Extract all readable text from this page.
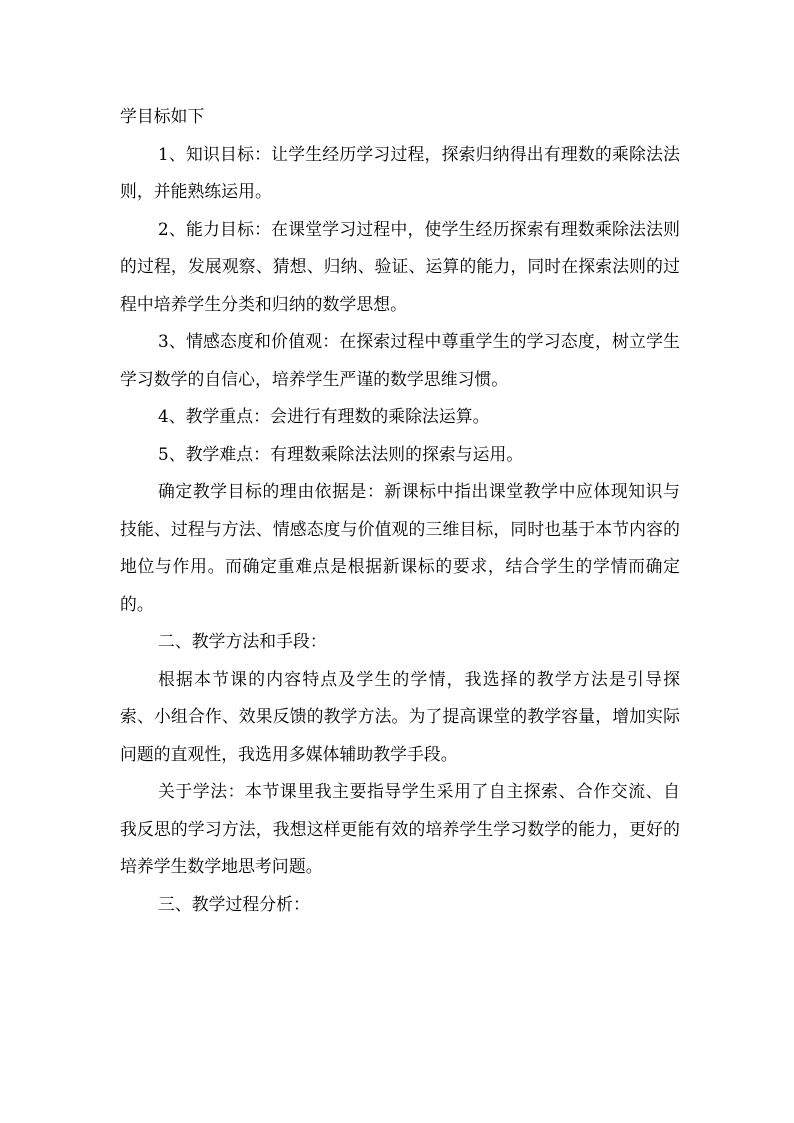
学目标如下

1、知识目标：让学生经历学习过程，探索归纳得出有理数的乘除法法则，并能熟练运用。

2、能力目标：在课堂学习过程中，使学生经历探索有理数乘除法法则的过程，发展观察、猜想、归纳、验证、运算的能力，同时在探索法则的过程中培养学生分类和归纳的数学思想。

3、情感态度和价值观：在探索过程中尊重学生的学习态度，树立学生学习数学的自信心，培养学生严谨的数学思维习惯。

4、教学重点：会进行有理数的乘除法运算。

5、教学难点：有理数乘除法法则的探索与运用。

确定教学目标的理由依据是：新课标中指出课堂教学中应体现知识与技能、过程与方法、情感态度与价值观的三维目标，同时也基于本节内容的地位与作用。而确定重难点是根据新课标的要求，结合学生的学情而确定的。

二、教学方法和手段：

根据本节课的内容特点及学生的学情，我选择的教学方法是引导探索、小组合作、效果反馈的教学方法。为了提高课堂的教学容量，增加实际问题的直观性，我选用多媒体辅助教学手段。

关于学法：本节课里我主要指导学生采用了自主探索、合作交流、自我反思的学习方法，我想这样更能有效的培养学生学习数学的能力，更好的培养学生数学地思考问题。

三、教学过程分析：
